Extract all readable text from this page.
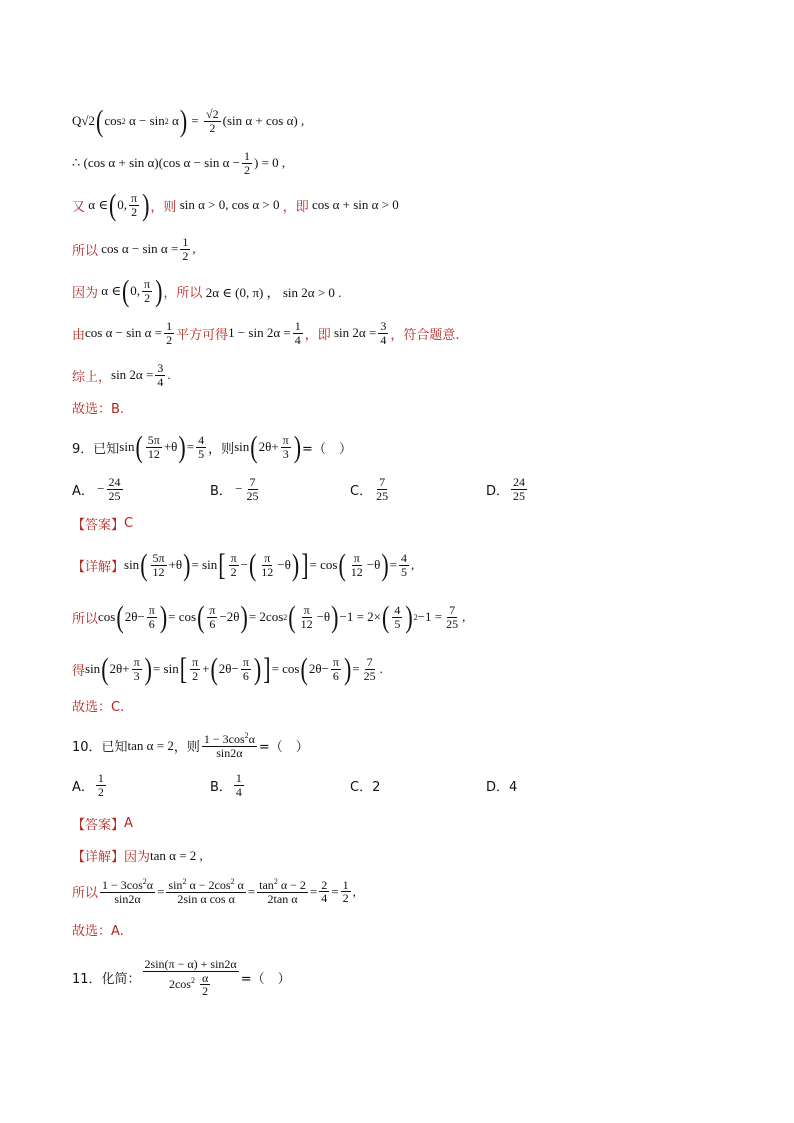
Q√2 ( cos 2 α − sin 2 α ) = $\frac{√2}{2} (\sin$ α + cos α) ,
∴ (cos α + sin α)(cos $\alpha - \sin \alpha - \frac{1}{2}$ ) = 0 ,
又 α ∈ ( 0, $\frac{\pi}{2}$ ) ，则 sin α > 0, cos α > 0 ，即 cos α + sin α > 0
所以 $\cos \alpha - \sin \alpha = \frac{1}{2}$ ,
因为 α ∈ ( 0, $\frac{\pi}{2}$ ) ，所以 2α ∈ (0, π) ， sin 2α > 0 .
由 $\cos \alpha - \sin \alpha = \frac{1}{2}$ 平方可得 $1 - \sin 2\alpha = \frac{1}{4}$ ，即 $\sin 2\alpha = \frac{3}{4}$ ，符合题意.
综上， $\sin 2\alpha = \frac{3}{4}$ .
故选：B.
9．已知 sin ( $\frac{5\pi}{12} +\theta$ ) = $\frac{4}{5}$ ，则 sin ( $2\theta+ \frac{\pi}{3}$ ) =（　）
A． − $\frac{24}{25}$	B． − $\frac{7}{25}$	C． $\frac{7}{25}$	D． $\frac{24}{25}$
【答案】 C
【详解】 sin ( $\frac{5\pi}{12} +\theta$ ) = sin [ $\frac{\pi}{2}$ − ( $\frac{\pi}{12} -\theta$ ) ] = cos ( $\frac{\pi}{12} -\theta$ ) = $\frac{4}{5}$ ,
所以 cos ( $2\theta- \frac{\pi}{6}$ ) = cos ( $\frac{\pi}{6} -2\theta$ ) = 2cos 2 ( $\frac{\pi}{12} -\theta$ ) −1 = 2× ( $\frac{4}{5}$ ) $2 -1 = \frac{7}{25}$ ,
得 sin ( $2\theta+ \frac{\pi}{3}$ ) = sin [ $\frac{\pi}{2}$ + ( $2\theta- \frac{\pi}{6}$ ) ] = cos ( $2\theta- \frac{\pi}{6}$ ) = $\frac{7}{25}$ .
故选：C.
10．已知 tan α = 2 ，则 $\frac{1 - 3\cos^2\alpha}{\sin 2\alpha}$ =（　）
A． $\frac{1}{2}$	B． $\frac{1}{4}$	C．2	D．4
【答案】 A
【详解】 因为 tan α = 2 ,
所以 $\frac{1 - 3\cos^2\alpha}{\sin 2\alpha} = \frac{\sin^2 \alpha - 2\cos^2 \alpha}{\text{2sin α cos α}} = \frac{\tan^2 \alpha - 2}{\text{2tan α}} = \frac{2}{4} = \frac{1}{2}$ ,
故选：A.
11．化简： $\frac{2\sin(\pi - \alpha) + \sin 2\alpha}{2\cos^2 \frac{\alpha}{2}}$ =（　）
